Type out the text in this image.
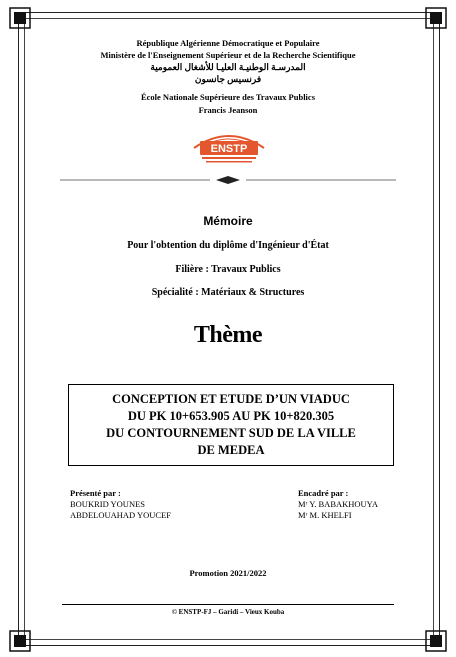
République Algérienne Démocratique et Populaire
Ministère de l'Enseignement Supérieur et de la Recherche Scientifique
المدرسـة الوطنيـة العليـا للأشغال العمومية
فرنسيس جانسون
École Nationale Supérieure des Travaux Publics
Francis Jeanson
ENSTP
Mémoire
Pour l'obtention du diplôme d'Ingénieur d'État
Filière : Travaux Publics
Spécialité : Matériaux & Structures
Thème
CONCEPTION ET ETUDE D’UN VIADUC
DU PK 10+653.905 AU PK 10+820.305
DU CONTOURNEMENT SUD DE LA VILLE
DE MEDEA
Présenté par :
BOUKRID YOUNES
ABDELOUAHAD YOUCEF
Encadré par :
Mʳ Y. BABAKHOUYA
Mʳ M. KHELFI
Promotion 2021/2022
© ENSTP-FJ – Garidi – Vieux Kouba
